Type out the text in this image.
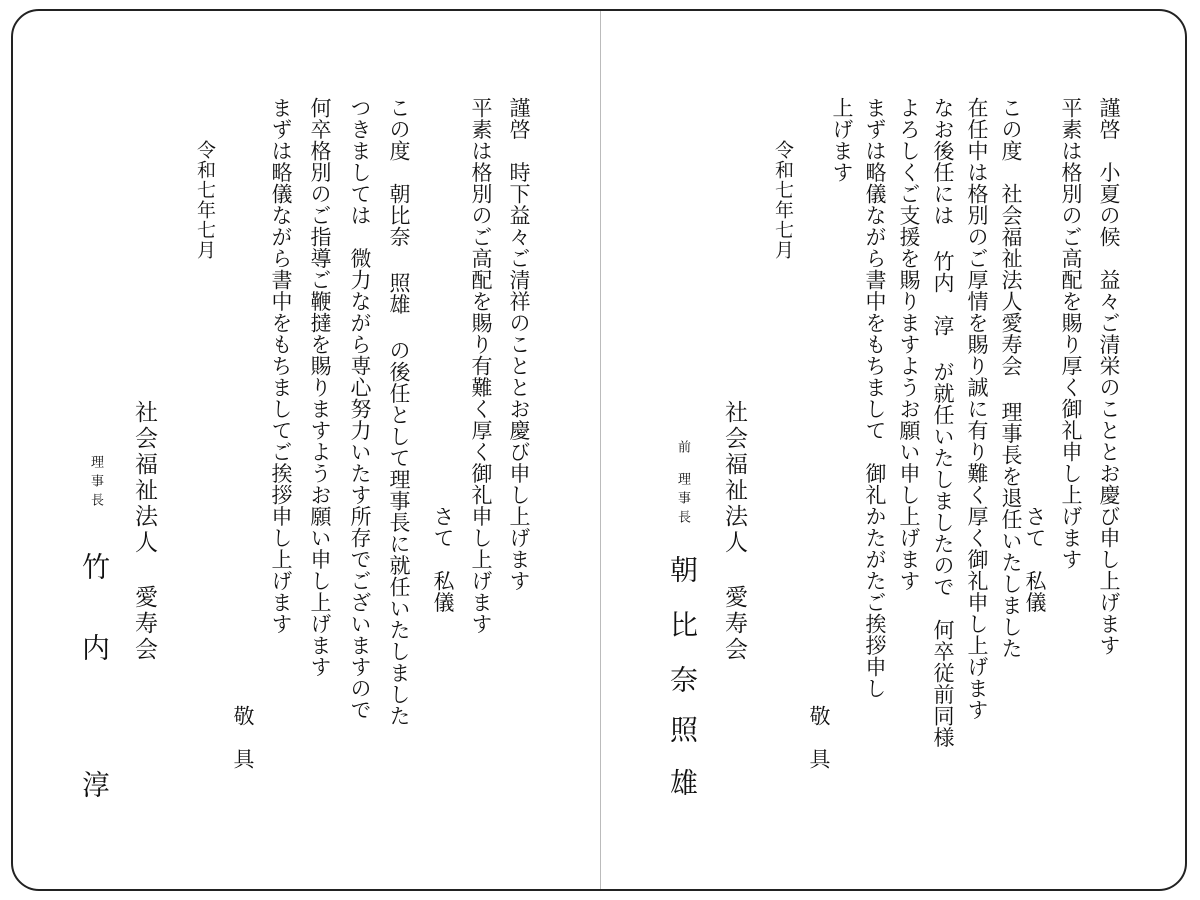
謹啓　時下益々ご清祥のこととお慶び申し上げます
平素は格別のご高配を賜り有難く厚く御礼申し上げます
　　　　　　　　　　　　　　　　　　　さて　私儀
この度　朝比奈 照雄 の後任として理事長に就任いたしました
つきましては　微力ながら専心努力いたす所存でございますので
何卒格別のご指導ご鞭撻を賜りますようお願い申し上げます
まずは略儀ながら書中をもちましてご挨拶申し上げます
敬　具
令和七年七月
社会福祉法人 愛寿会
理事長
竹
内
淳
謹啓　小夏の候　益々ご清栄のこととお慶び申し上げます
平素は格別のご高配を賜り厚く御礼申し上げます
　　　　　　　　　　　　　　　　　　　さて　私儀
この度　社会福祉法人愛寿会 理事長を退任いたしました
在任中は格別のご厚情を賜り誠に有り難く厚く御礼申し上げます
なお後任には 竹内　淳 が就任いたしましたので　何卒従前同様
よろしくご支援を賜りますようお願い申し上げます
まずは略儀ながら書中をもちまして　御礼かたがたご挨拶申し
上げます
敬　具
令和七年七月
社会福祉法人 愛寿会
前
理事長
朝
比
奈
照
雄
